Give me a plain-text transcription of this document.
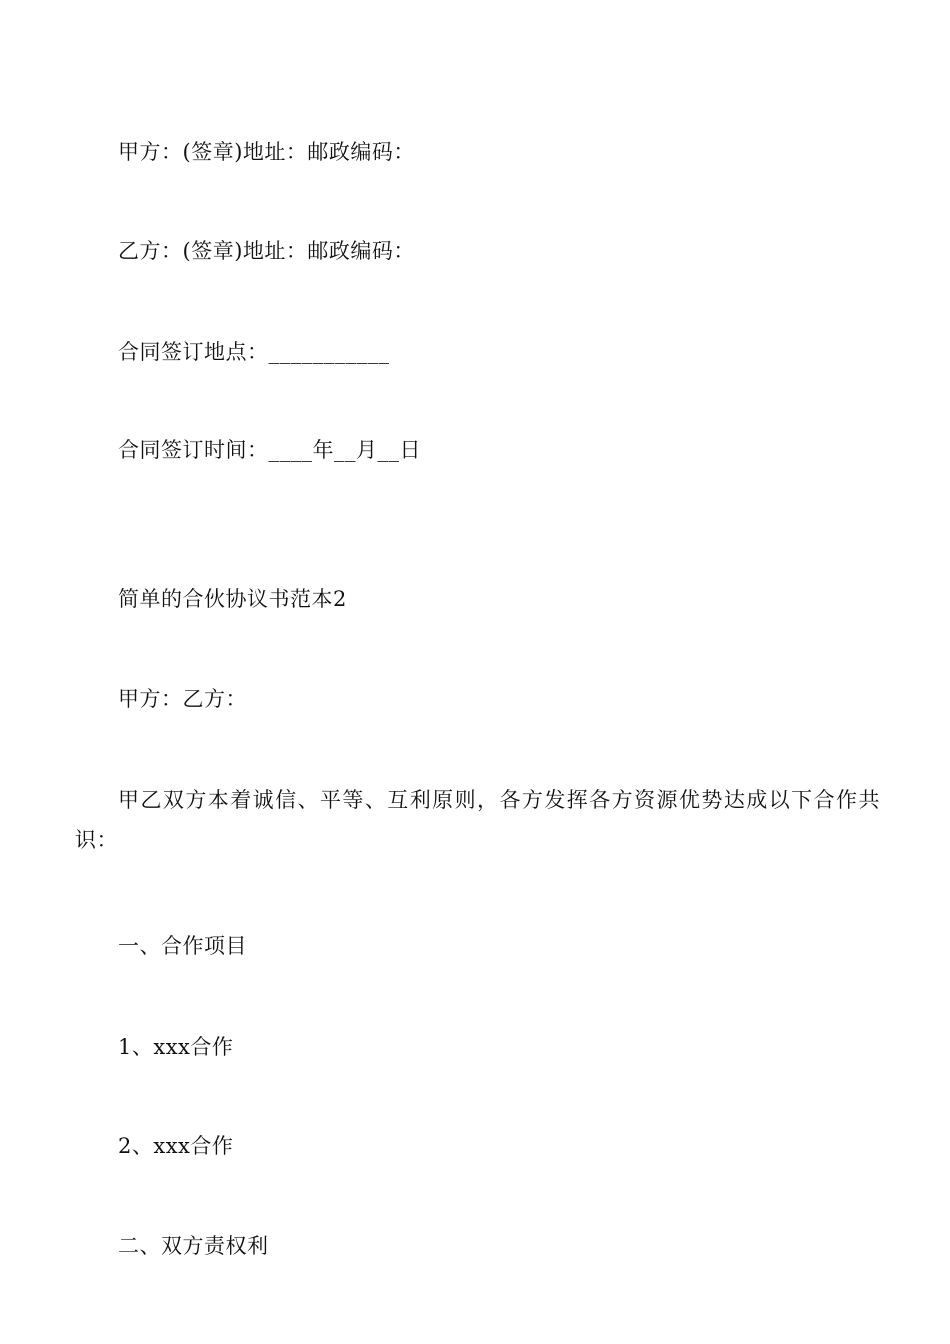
甲方：(签章)地址：邮政编码：
乙方：(签章)地址：邮政编码：
合同签订地点：___________
合同签订时间：____年__月__日
简单的合伙协议书范本2
甲方：乙方：
甲乙双方本着诚信、平等、互利原则，各方发挥各方资源优势达成以下合作共识：
一、合作项目
1、xxx合作
2、xxx合作
二、双方责权利
